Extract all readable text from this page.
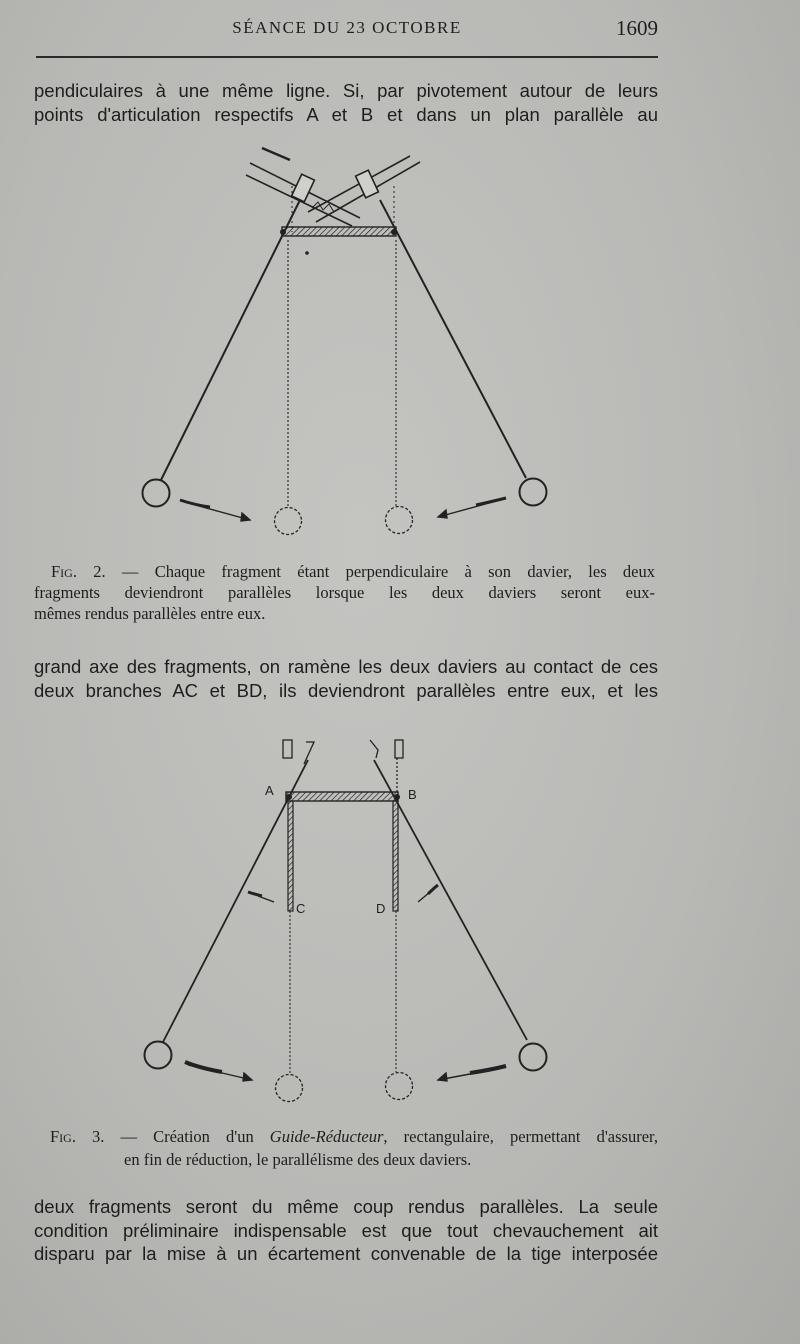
SÉANCE DU 23 OCTOBRE	1609

pendiculaires à une même ligne. Si, par pivotement autour de leurs
points d'articulation respectifs A et B et dans un plan parallèle au

Fig. 2. — Chaque fragment étant perpendiculaire à son davier, les deux

fragments deviendront parallèles lorsque les deux daviers seront eux-

mêmes rendus parallèles entre eux.

grand axe des fragments, on ramène les deux daviers au contact de ces
deux branches AC et BD, ils deviendront parallèles entre eux, et les

A	B
C	D

Fig. 3. — Création d'un Guide-Réducteur, rectangulaire, permettant d'assurer,

en fin de réduction, le parallélisme des deux daviers.

deux fragments seront du même coup rendus parallèles. La seule
condition préliminaire indispensable est que tout chevauchement ait
disparu par la mise à un écartement convenable de la tige interposée
